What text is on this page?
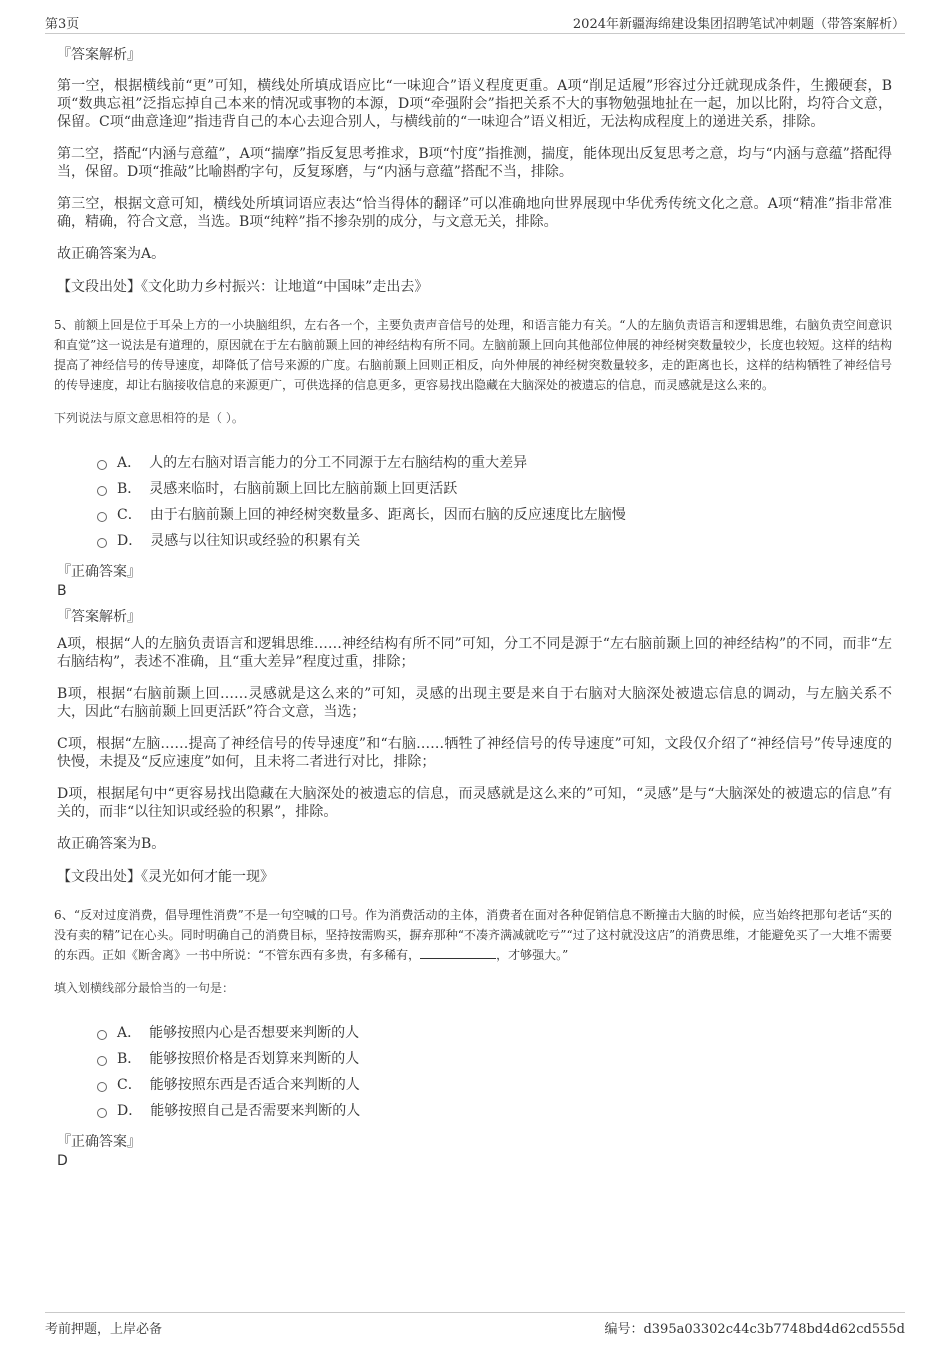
第3页	2024年新疆海绵建设集团招聘笔试冲刺题（带答案解析）

『答案解析』

第一空，根据横线前“更”可知，横线处所填成语应比“一味迎合”语义程度更重。A项“削足适履”形容过分迁就现成条件，生搬硬套，B项“数典忘祖”泛指忘掉自己本来的情况或事物的本源，D项“牵强附会”指把关系不大的事物勉强地扯在一起，加以比附，均符合文意，保留。C项“曲意逢迎”指违背自己的本心去迎合别人，与横线前的“一味迎合”语义相近，无法构成程度上的递进关系，排除。

第二空，搭配“内涵与意蕴”，A项“揣摩”指反复思考推求，B项“忖度”指推测，揣度，能体现出反复思考之意，均与“内涵与意蕴”搭配得当，保留。D项“推敲”比喻斟酌字句，反复琢磨，与“内涵与意蕴”搭配不当，排除。

第三空，根据文意可知，横线处所填词语应表达“恰当得体的翻译”可以准确地向世界展现中华优秀传统文化之意。A项“精准”指非常准确，精确，符合文意，当选。B项“纯粹”指不掺杂别的成分，与文意无关，排除。

故正确答案为A。

【文段出处】《文化助力乡村振兴：让地道“中国味”走出去》

5、前额上回是位于耳朵上方的一小块脑组织，左右各一个，主要负责声音信号的处理，和语言能力有关。“人的左脑负责语言和逻辑思维，右脑负责空间意识和直觉”这一说法是有道理的，原因就在于左右脑前颞上回的神经结构有所不同。左脑前颞上回向其他部位伸展的神经树突数量较少，长度也较短。这样的结构提高了神经信号的传导速度，却降低了信号来源的广度。右脑前颞上回则正相反，向外伸展的神经树突数量较多，走的距离也长，这样的结构牺牲了神经信号的传导速度，却让右脑接收信息的来源更广，可供选择的信息更多，更容易找出隐藏在大脑深处的被遗忘的信息，而灵感就是这么来的。

下列说法与原文意思相符的是（ ）。

A． 人的左右脑对语言能力的分工不同源于左右脑结构的重大差异
B． 灵感来临时，右脑前颞上回比左脑前颞上回更活跃
C． 由于右脑前颞上回的神经树突数量多、距离长，因而右脑的反应速度比左脑慢
D． 灵感与以往知识或经验的积累有关

『正确答案』

B

『答案解析』

A项，根据“人的左脑负责语言和逻辑思维……神经结构有所不同”可知，分工不同是源于“左右脑前颞上回的神经结构”的不同，而非“左右脑结构”，表述不准确，且“重大差异”程度过重，排除；

B项，根据“右脑前颞上回……灵感就是这么来的”可知，灵感的出现主要是来自于右脑对大脑深处被遗忘信息的调动，与左脑关系不大，因此“右脑前颞上回更活跃”符合文意，当选；

C项，根据“左脑……提高了神经信号的传导速度”和“右脑……牺牲了神经信号的传导速度”可知，文段仅介绍了“神经信号”传导速度的快慢，未提及“反应速度”如何，且未将二者进行对比，排除；

D项，根据尾句中“更容易找出隐藏在大脑深处的被遗忘的信息，而灵感就是这么来的”可知，“灵感”是与“大脑深处的被遗忘的信息”有关的，而非“以往知识或经验的积累”，排除。

故正确答案为B。

【文段出处】《灵光如何才能一现》

6、“反对过度消费，倡导理性消费”不是一句空喊的口号。作为消费活动的主体，消费者在面对各种促销信息不断撞击大脑的时候，应当始终把那句老话“买的没有卖的精”记在心头。同时明确自己的消费目标，坚持按需购买，摒弃那种“不凑齐满减就吃亏”“过了这村就没这店”的消费思维，才能避免买了一大堆不需要的东西。正如《断舍离》一书中所说：“不管东西有多贵，有多稀有，	，才够强大。”

填入划横线部分最恰当的一句是：

A． 能够按照内心是否想要来判断的人
B． 能够按照价格是否划算来判断的人
C． 能够按照东西是否适合来判断的人
D． 能够按照自己是否需要来判断的人

『正确答案』

D

考前押题，上岸必备	编号：d395a03302c44c3b7748bd4d62cd555d
